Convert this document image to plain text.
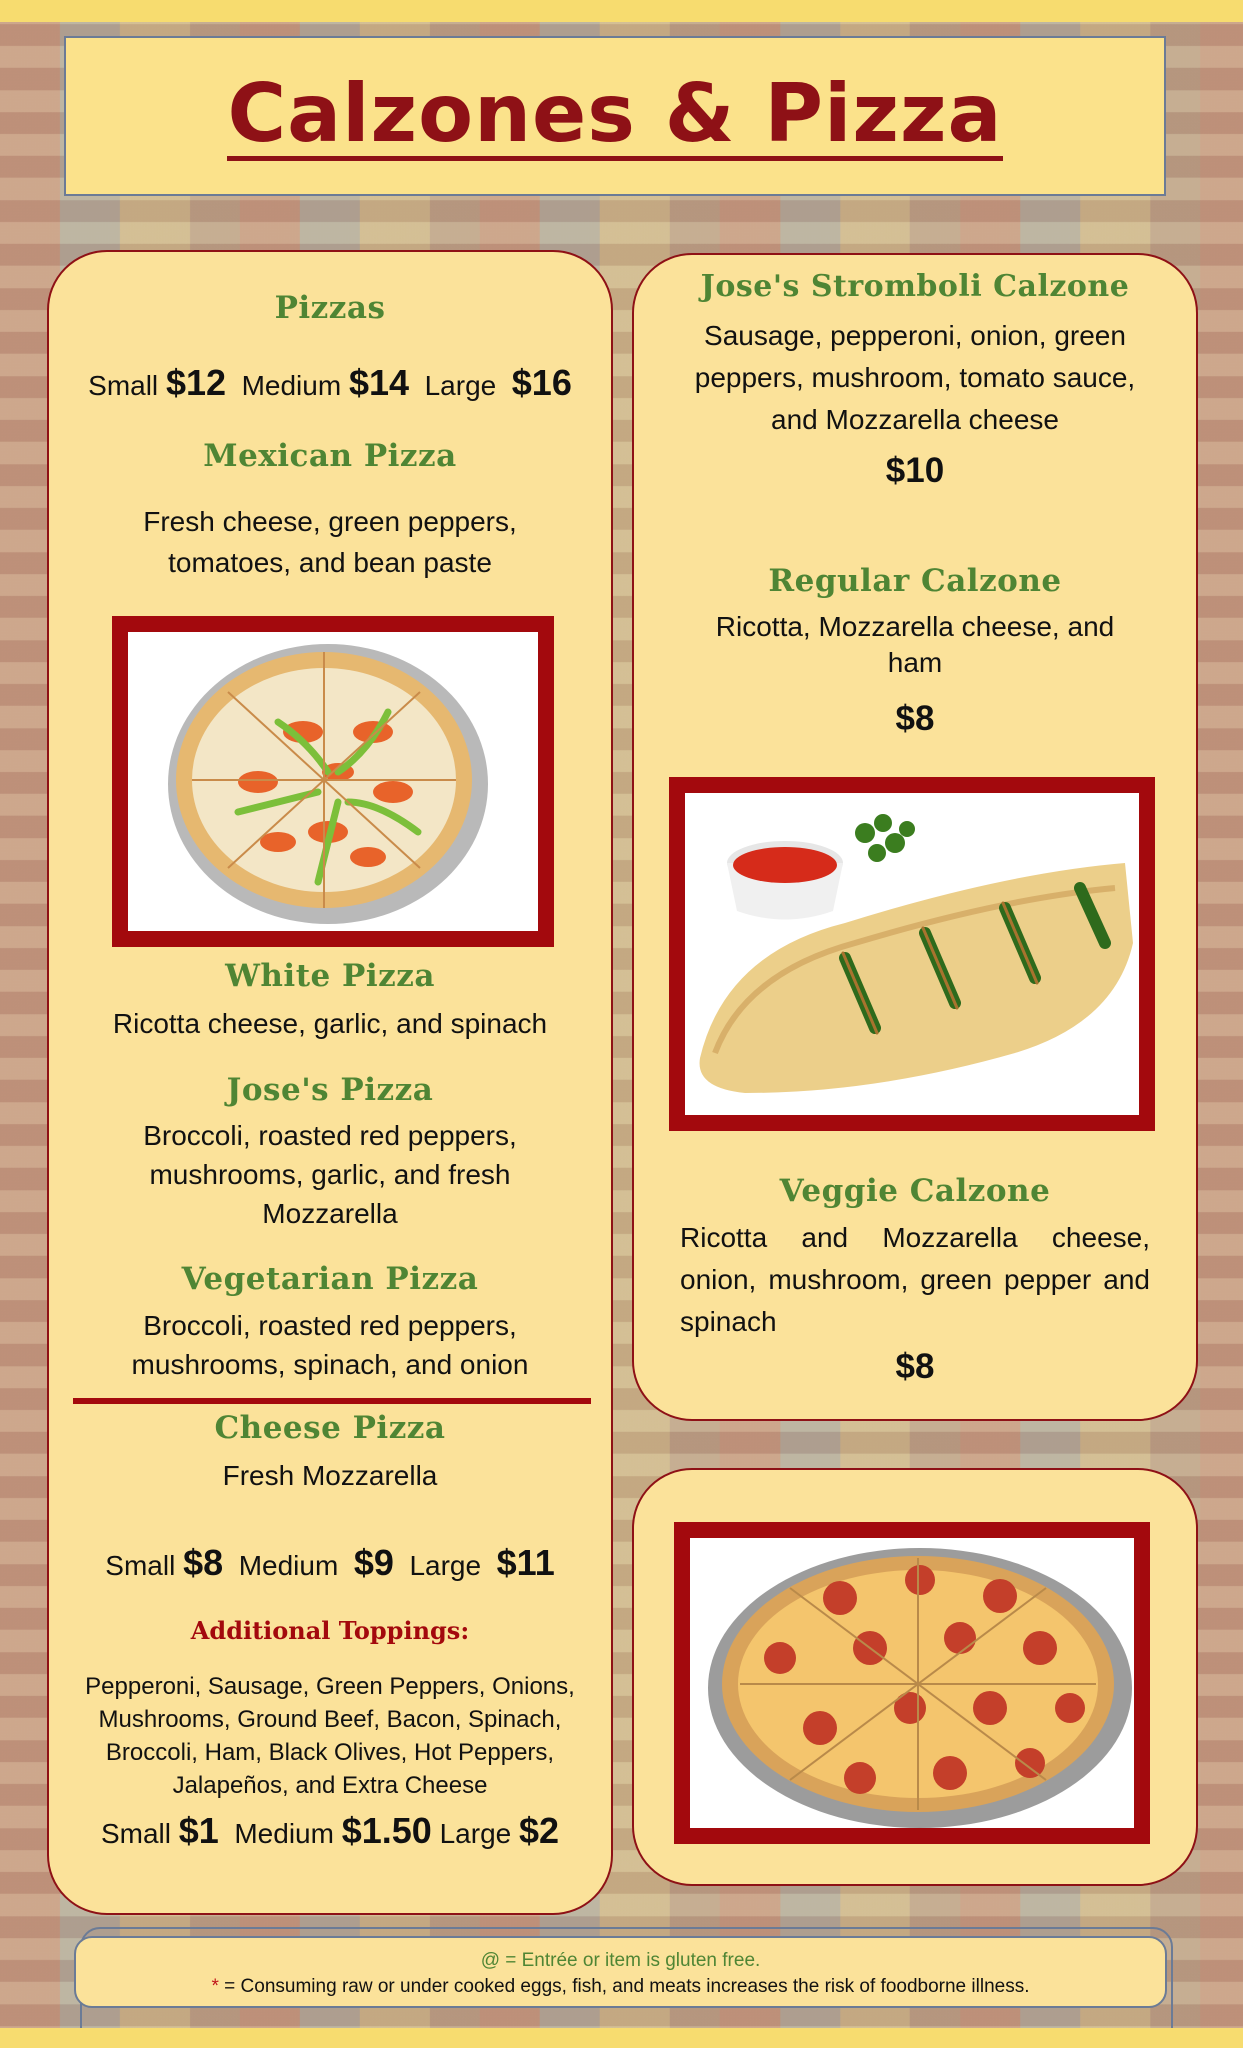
Calzones & Pizza
Pizzas
Small $12 Medium $14 Large $16
Mexican Pizza
Fresh cheese, green peppers,
tomatoes, and bean paste
White Pizza
Ricotta cheese, garlic, and spinach
Jose's Pizza
Broccoli, roasted red peppers,
mushrooms, garlic, and fresh
Mozzarella
Vegetarian Pizza
Broccoli, roasted red peppers,
mushrooms, spinach, and onion
Cheese Pizza
Fresh Mozzarella
Small $8 Medium $9 Large $11
Additional Toppings:
Pepperoni, Sausage, Green Peppers, Onions,
Mushrooms, Ground Beef, Bacon, Spinach,
Broccoli, Ham, Black Olives, Hot Peppers,
Jalapeños, and Extra Cheese
Small $1 Medium $1.50 Large $2
Jose's Stromboli Calzone
Sausage, pepperoni, onion, green
peppers, mushroom, tomato sauce,
and Mozzarella cheese
$10
Regular Calzone
Ricotta, Mozzarella cheese, and
ham
$8
Veggie Calzone
Ricotta and Mozzarella cheese, onion, mushroom, green pepper and spinach
$8
@ = Entrée or item is gluten free.
* = Consuming raw or under cooked eggs, fish, and meats increases the risk of foodborne illness.
